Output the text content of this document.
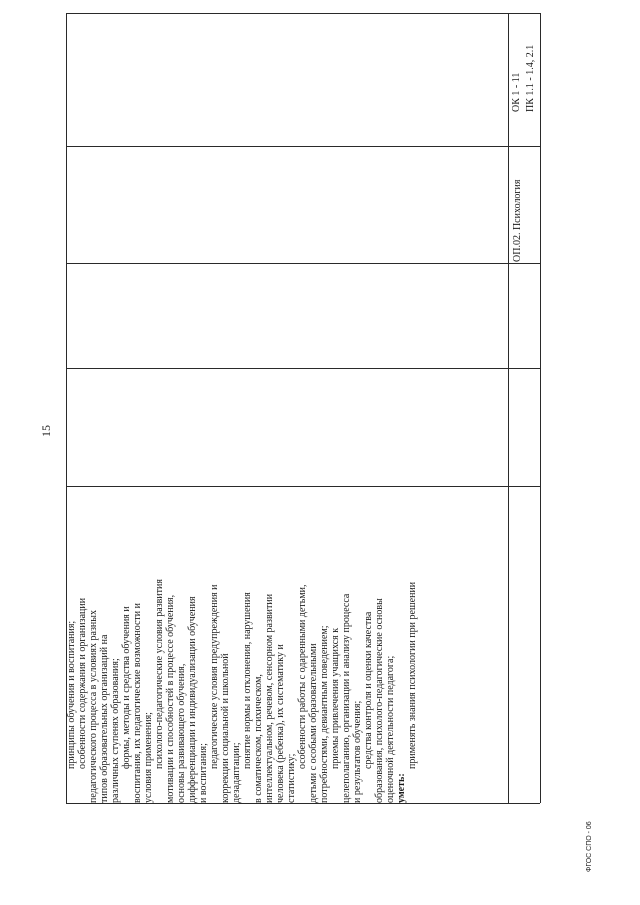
принципы обучения и воспитания; особенности содержания и организации педагогического процесса в условиях разных типов образовательных организаций на различных ступенях образования; формы, методы и средства обучения и воспитания, их педагогические возможности и условия применения; психолого-педагогические условия развития мотивации и способностей в процессе обучения, основы развивающего обучения, дифференциации и индивидуализации обучения и воспитания;
педагогические условия предупреждения и коррекции социальной и школьной дезадаптации;
понятие нормы и отклонения, нарушения в соматическом, психическом, интеллектуальном, речевом, сенсорном развитии человека (ребенка), их систематику и статистику;
особенности работы с одаренными детьми, детьми с особыми образовательными потребностями, девиантным поведением; приемы привлечения учащихся к целеполаганию, организации и анализу процесса и результатов обучения; средства контроля и оценки качества образования, психолого-педагогические основы оценочной деятельности педагога; уметь:
применять знания психологии при решении
ОП.02. Психология
ОК 1 - 11 ПК 1.1 - 1.4, 2.1
15
ФГОС СПО - 06
